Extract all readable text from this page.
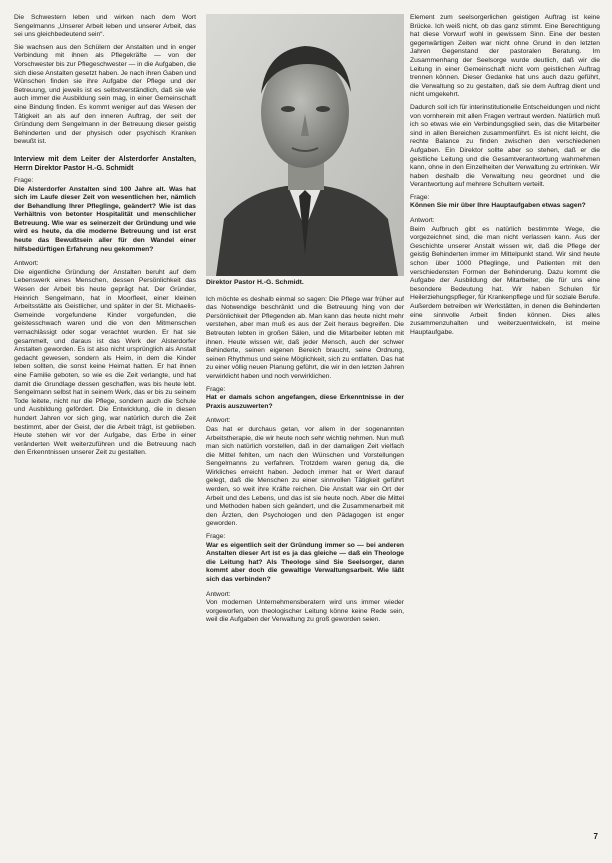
Die Schwestern leben und wirken nach dem Wort Sengelmanns „Unserer Arbeit leben und unserer Arbeit, das sei uns gleichbedeutend sein“.

Sie wachsen aus den Schülern der Anstalten und in enger Verbindung mit ihnen als Pflegekräfte — von der Vorschwester bis zur Pflegeschwester — in die Aufgaben, die sich diese Anstalten gesetzt haben. Je nach ihren Gaben und Wünschen finden sie ihre Aufgabe der Pflege und der Betreuung, und jeweils ist es selbstverständlich, daß sie wie auch immer die Ausbildung sein mag, in einer Gemeinschaft eine Bindung finden. Es kommt weniger auf das Wesen der Tätigkeit an als auf den inneren Auftrag, der seit der Gründung dem Sengelmann in der Betreuung dieser geistig Behinderten und der physisch oder psychisch Kranken bewußt ist.

Interview mit dem Leiter der Alsterdorfer Anstalten, Herrn Direktor Pastor H.-G. Schmidt
Frage:
Die Alsterdorfer Anstalten sind 100 Jahre alt. Was hat sich im Laufe dieser Zeit von wesentlichen her, nämlich der Behandlung Ihrer Pfleglinge, geändert? Wie ist das Verhältnis von betonter Hospitalität und menschlicher Betreuung. Wie war es seinerzeit der Gründung und wie wird es heute, da die moderne Betreuung und ist erst heute das Bewußtsein aller für den Wandel einer hilfsbedürftigen Erfahrung neu gekommen?
Antwort:

Die eigentliche Gründung der Anstalten beruht auf dem Lebenswerk eines Menschen, dessen Persönlichkeit das Wesen der Arbeit bis heute geprägt hat. Der Gründer, Heinrich Sengelmann, hat in Moorfleet, einer kleinen Arbeitsstätte als Geistlicher, und später in der St. Michaelis-Gemeinde vorgefundene Kinder vorgefunden, die geistesschwach waren und die von den Mitmenschen vernachlässigt oder sogar verachtet wurden. Er hat sie gesammelt, und daraus ist das Werk der Alsterdorfer Anstalten geworden. Es ist also nicht ursprünglich als Anstalt gedacht gewesen, sondern als Heim, in dem die Kinder leben sollten, die sonst keine Heimat hatten. Er hat ihnen eine Familie geboten, so wie es die Zeit verlangte, und hat damit die Grundlage dessen geschaffen, was bis heute lebt. Sengelmann selbst hat in seinem Werk, das er bis zu seinem Tode leitete, nicht nur die Pflege, sondern auch die Schule und Ausbildung gefördert. Die Entwicklung, die in diesen hundert Jahren vor sich ging, war natürlich durch die Zeit bestimmt, aber der Geist, der die Arbeit trägt, ist geblieben. Heute stehen wir vor der Aufgabe, das Erbe in einer veränderten Welt weiterzuführen und die Betreuung nach den Erkenntnissen unserer Zeit zu gestalten.

Direktor Pastor H.-G. Schmidt.

Ich möchte es deshalb einmal so sagen: Die Pflege war früher auf das Notwendige beschränkt und die Betreuung hing von der Persönlichkeit der Pflegenden ab. Man kann das heute nicht mehr verstehen, aber man muß es aus der Zeit heraus begreifen. Die Betreuten lebten in großen Sälen, und die Mitarbeiter lebten mit ihnen. Heute wissen wir, daß jeder Mensch, auch der schwer Behinderte, seinen eigenen Bereich braucht, seine Ordnung, seinen Rhythmus und seine Möglichkeit, sich zu entfalten. Das hat zu einer völlig neuen Planung geführt, die wir in den letzten Jahren verwirklicht haben und noch verwirklichen.

Frage:
Hat er damals schon angefangen, diese Erkenntnisse in der Praxis auszuwerten?
Antwort:

Das hat er durchaus getan, vor allem in der sogenannten Arbeitstherapie, die wir heute noch sehr wichtig nehmen. Nun muß man sich natürlich vorstellen, daß in der damaligen Zeit vielfach die Mittel fehlten, um nach den Wünschen und Vorstellungen Sengelmanns zu verfahren. Trotzdem waren genug da, die Wirkliches erreicht haben. Jedoch immer hat er Wert darauf gelegt, daß die Menschen zu einer sinnvollen Tätigkeit geführt werden, so weit ihre Kräfte reichen. Die Anstalt war ein Ort der Arbeit und des Lebens, und das ist sie heute noch. Aber die Mittel und Methoden haben sich geändert, und die Zusammenarbeit mit den Ärzten, den Psychologen und den Pädagogen ist enger geworden.

Frage:
War es eigentlich seit der Gründung immer so — bei anderen Anstalten dieser Art ist es ja das gleiche — daß ein Theologe die Leitung hat? Als Theologe sind Sie Seelsorger, dann kommt aber doch die gewaltige Verwaltungsarbeit. Wie läßt sich das verbinden?
Antwort:

Von modernen Unternehmensberatern wird uns immer wieder vorgeworfen, von theologischer Leitung könne keine Rede sein, weil die Aufgaben der Verwaltung zu groß geworden seien.

Element zum seelsorgerlichen geistigen Auftrag ist keine Brücke. Ich weiß nicht, ob das ganz stimmt. Eine Berechtigung hat diese Vorwurf wohl in gewissem Sinn. Eine der besten gegenwärtigen Zeiten war nicht ohne Grund in den letzten Jahren Gegenstand der pastoralen Beratung. Im Zusammenhang der Seelsorge wurde deutlich, daß wir die Leitung in einer Gemeinschaft nicht vom geistlichen Auftrag trennen können. Dieser Gedanke hat uns auch dazu geführt, die Verwaltung so zu gestalten, daß sie dem Auftrag dient und nicht umgekehrt.

Dadurch soll ich für interinstitutionelle Entscheidungen und nicht von vornherein mit allen Fragen vertraut werden. Natürlich muß ich so etwas wie ein Verbindungsglied sein, das die Mitarbeiter sind in allen Bereichen zusammenführt. Es ist nicht leicht, die rechte Balance zu finden zwischen den verschiedenen Aufgaben. Ein Direktor sollte aber so stehen, daß er die geistliche Leitung und die Gesamtverantwortung wahrnehmen kann, ohne in den Einzelheiten der Verwaltung zu ertrinken. Wir haben deshalb die Verwaltung neu geordnet und die Verantwortung auf mehrere Schultern verteilt.

Frage:
Können Sie mir über Ihre Hauptaufgaben etwas sagen?
Antwort:

Beim Aufbruch gibt es natürlich bestimmte Wege, die vorgezeichnet sind, die man nicht verlassen kann. Aus der Geschichte unserer Anstalt wissen wir, daß die Pflege der geistig Behinderten immer im Mittelpunkt stand. Wir sind heute schon über 1000 Pfleglinge, und Patienten mit den verschiedensten Formen der Behinderung. Dazu kommt die Aufgabe der Ausbildung der Mitarbeiter, die für uns eine besondere Bedeutung hat. Wir haben Schulen für Heilerziehungspfleger, für Krankenpflege und für soziale Berufe. Außerdem betreiben wir Werkstätten, in denen die Behinderten eine sinnvolle Arbeit finden können. Dies alles zusammenzuhalten und weiterzuentwickeln, ist meine Hauptaufgabe.

7
